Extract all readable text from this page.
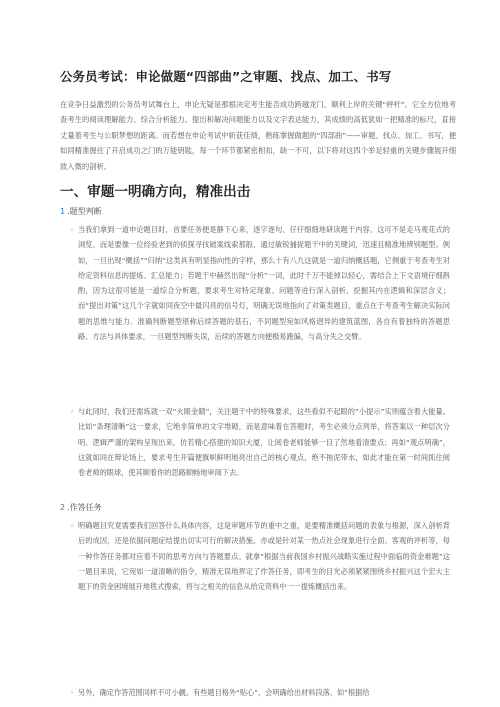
公务员考试：申论做题“四部曲”之审题、找点、加工、书写
在竞争日益激烈的公务员考试舞台上，申论无疑是那根决定考生能否成功跨越龙门、顺利上岸的关键“秤杆”。它全方位地考查考生的阅读理解能力、综合分析能力、提出和解决问题能力以及文字表达能力，其成绩的高低犹如一把精准的标尺，直接丈量着考生与公职梦想的距离。而若想在申论考试中斩获佳绩，熟练掌握做题的“四部曲”——审题、找点、加工、书写，便如同精准握住了开启成功之门的万能钥匙，每一个环节都紧密相扣，缺一不可，以下将对这四个举足轻重的关键步骤展开细致入微的剖析。
一、审题一明确方向，精准出击
1 .题型判断
◦ 当我们拿到一道申论题目时，首要任务便是静下心来，逐字逐句、仔仔细细地研读题干内容。这可不是走马观花式的浏览，而是要像一位经验老到的侦探寻找破案线索那般，通过敏锐捕捉题干中的关键词，迅速且精准地辨别题型。例如，一旦出现“概括”“归纳”这类具有明显指向性的字样，那么十有八九这就是一道归纳概括题，它侧重于考查考生对给定资料信息的提炼、汇总能力；若题干中赫然出现“分析”一词，此时千万不能掉以轻心，需结合上下文语境仔细斟酌，因为这很可能是一道综合分析题，要求考生对特定现象、问题等进行深入剖析，挖掘其内在逻辑和深层含义；而“提出对策”这几个字就如同夜空中最闪亮的信号灯，明确无误地指向了对策类题目，重点在于考查考生解决实际问题的思维与能力。准确判断题型堪称后续答题的基石，不同题型宛如风格迥异的建筑蓝图，各自有着独特的答题思路、方法与具体要求，一旦题型判断失误，后续的答题方向便极易跑偏，与高分失之交臂。
◦ 与此同时，我们还需炼就一双“火眼金睛”，关注题干中的特殊要求，这些看似不起眼的“小提示”实则蕴含着大能量。比如“条理清晰”这一要求，它绝非简单的文字堆砌，而是意味着在答题时，考生必须分点列举，将答案以一种层次分明、逻辑严谨的架构呈现出来，仿若精心搭建的知识大厦，让阅卷老师能够一目了然地看清要点；再如“观点明确”，这就如同在辩论场上，要求考生开篇便旗帜鲜明地亮出自己的核心观点，绝不拖泥带水，如此才能在第一时间抓住阅卷老师的眼球，使其顺着你的思路顺畅地审阅下去。
2 .作答任务
◦ 明确题目究竟需要我们回答什么具体内容，这是审题环节的重中之重，是要精准概括问题的表象与根源，深入剖析背后的成因，还是依据问题症结提出切实可行的解决措施，亦或是针对某一热点社会现象进行全面、客观的评析等，每一种作答任务都对应着不同的思考方向与答题要点。就拿“根据当前我国乡村振兴战略实施过程中面临的资金难题”这一题目来说，它宛如一道清晰的指令，精准无误地界定了作答任务，即考生的目光必须紧紧围绕乡村振兴这个宏大主题下的资金困境展开地毯式搜索，将与之相关的信息从给定资料中一一提炼概括出来。
◦ 另外，确定作答范围同样不可小觑。有些题目格外“贴心”，会明确给出材料段落，如“根据给
